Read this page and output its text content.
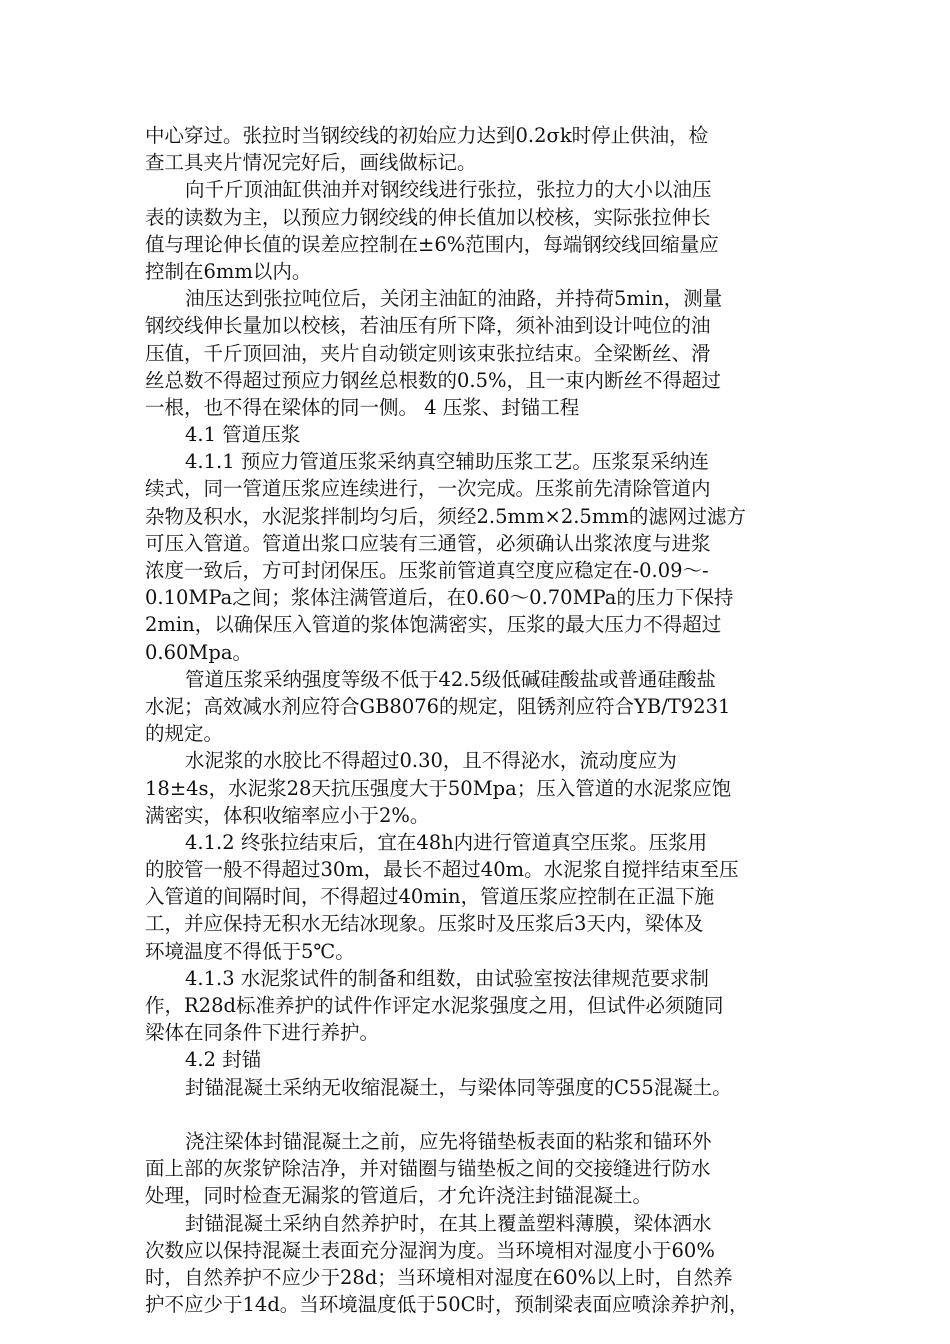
中心穿过。张拉时当钢绞线的初始应力达到0.2σk时停止供油，检
查工具夹片情况完好后，画线做标记。
向千斤顶油缸供油并对钢绞线进行张拉，张拉力的大小以油压
表的读数为主，以预应力钢绞线的伸长值加以校核，实际张拉伸长
值与理论伸长值的误差应控制在±6%范围内，每端钢绞线回缩量应
控制在6mm以内。
油压达到张拉吨位后，关闭主油缸的油路，并持荷5min，测量
钢绞线伸长量加以校核，若油压有所下降，须补油到设计吨位的油
压值，千斤顶回油，夹片自动锁定则该束张拉结束。全梁断丝、滑
丝总数不得超过预应力钢丝总根数的0.5%，且一束内断丝不得超过
一根，也不得在梁体的同一侧。 4 压浆、封锚工程
4.1 管道压浆
4.1.1 预应力管道压浆采纳真空辅助压浆工艺。压浆泵采纳连
续式，同一管道压浆应连续进行，一次完成。压浆前先清除管道内
杂物及积水，水泥浆拌制均匀后，须经2.5mm×2.5mm的滤网过滤方
可压入管道。管道出浆口应装有三通管，必须确认出浆浓度与进浆
浓度一致后，方可封闭保压。压浆前管道真空度应稳定在-0.09～-
0.10MPa之间；浆体注满管道后，在0.60～0.70MPa的压力下保持
2min，以确保压入管道的浆体饱满密实，压浆的最大压力不得超过
0.60Mpa。
管道压浆采纳强度等级不低于42.5级低碱硅酸盐或普通硅酸盐
水泥；高效减水剂应符合GB8076的规定，阻锈剂应符合YB/T9231
的规定。
水泥浆的水胶比不得超过0.30，且不得泌水，流动度应为
18±4s，水泥浆28天抗压强度大于50Mpa；压入管道的水泥浆应饱
满密实，体积收缩率应小于2%。
4.1.2 终张拉结束后，宜在48h内进行管道真空压浆。压浆用
的胶管一般不得超过30m，最长不超过40m。水泥浆自搅拌结束至压
入管道的间隔时间，不得超过40min，管道压浆应控制在正温下施
工，并应保持无积水无结冰现象。压浆时及压浆后3天内，梁体及
环境温度不得低于5℃。
4.1.3 水泥浆试件的制备和组数，由试验室按法律规范要求制
作，R28d标准养护的试件作评定水泥浆强度之用，但试件必须随同
梁体在同条件下进行养护。
4.2 封锚
封锚混凝土采纳无收缩混凝土，与梁体同等强度的C55混凝土。
浇注梁体封锚混凝土之前，应先将锚垫板表面的粘浆和锚环外
面上部的灰浆铲除洁净，并对锚圈与锚垫板之间的交接缝进行防水
处理，同时检查无漏浆的管道后，才允许浇注封锚混凝土。
封锚混凝土采纳自然养护时，在其上覆盖塑料薄膜，梁体洒水
次数应以保持混凝土表面充分湿润为度。当环境相对湿度小于60%
时，自然养护不应少于28d；当环境相对湿度在60%以上时，自然养
护不应少于14d。当环境温度低于50C时，预制梁表面应喷涂养护剂，
